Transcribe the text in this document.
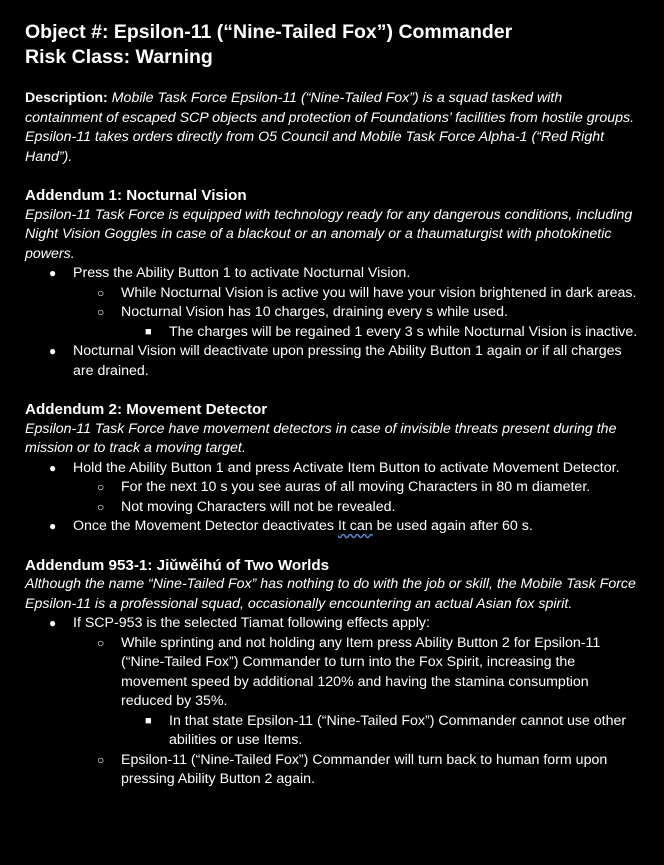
Object #: Epsilon-11 (“Nine-Tailed Fox”) Commander
Risk Class: Warning

Description: Mobile Task Force Epsilon-11 (“Nine-Tailed Fox”) is a squad tasked with containment of escaped SCP objects and protection of Foundations’ facilities from hostile groups. Epsilon-11 takes orders directly from O5 Council and Mobile Task Force Alpha-1 (“Red Right Hand”).

Addendum 1: Nocturnal Vision

Epsilon-11 Task Force is equipped with technology ready for any dangerous conditions, including Night Vision Goggles in case of a blackout or an anomaly or a thaumaturgist with photokinetic powers.

● Press the Ability Button 1 to activate Nocturnal Vision.
○ While Nocturnal Vision is active you will have your vision brightened in dark areas.
○ Nocturnal Vision has 10 charges, draining every s while used.
■ The charges will be regained 1 every 3 s while Nocturnal Vision is inactive.
● Nocturnal Vision will deactivate upon pressing the Ability Button 1 again or if all charges are drained.

Addendum 2: Movement Detector

Epsilon-11 Task Force have movement detectors in case of invisible threats present during the mission or to track a moving target.

● Hold the Ability Button 1 and press Activate Item Button to activate Movement Detector.
○ For the next 10 s you see auras of all moving Characters in 80 m diameter.
○ Not moving Characters will not be revealed.
● Once the Movement Detector deactivates It can be used again after 60 s.

Addendum 953-1: Jiǔwěihú of Two Worlds

Although the name “Nine-Tailed Fox” has nothing to do with the job or skill, the Mobile Task Force Epsilon-11 is a professional squad, occasionally encountering an actual Asian fox spirit.

● If SCP-953 is the selected Tiamat following effects apply:
○ While sprinting and not holding any Item press Ability Button 2 for Epsilon-11 (“Nine-Tailed Fox”) Commander to turn into the Fox Spirit, increasing the movement speed by additional 120% and having the stamina consumption reduced by 35%.
■ In that state Epsilon-11 (“Nine-Tailed Fox”) Commander cannot use other abilities or use Items.
○ Epsilon-11 (“Nine-Tailed Fox”) Commander will turn back to human form upon pressing Ability Button 2 again.
